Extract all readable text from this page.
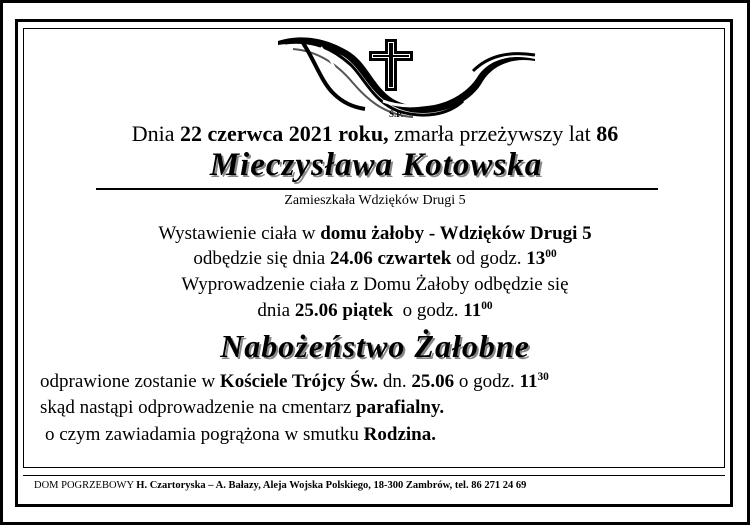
Ś.P.
Dnia 22 czerwca 2021 roku, zmarła przeżywszy lat 86
Mieczysława Kotowska
Zamieszkała Wdzięków Drugi 5
Wystawienie ciała w domu żałoby - Wdzięków Drugi 5
odbędzie się dnia 24.06 czwartek od godz. $13^{00}$
Wyprowadzenie ciała z Domu Żałoby odbędzie się
dnia 25.06 piątek  o godz. $11^{00}$
Nabożeństwo Żałobne
odprawione zostanie w Kościele Trójcy Św. dn. 25.06 o godz. $11^{30}$
skąd nastąpi odprowadzenie na cmentarz parafialny.
o czym zawiadamia pogrążona w smutku Rodzina.
DOM POGRZEBOWY H. Czartoryska – A. Bałazy, Aleja Wojska Polskiego, 18-300 Zambrów, tel. 86 271 24 69
